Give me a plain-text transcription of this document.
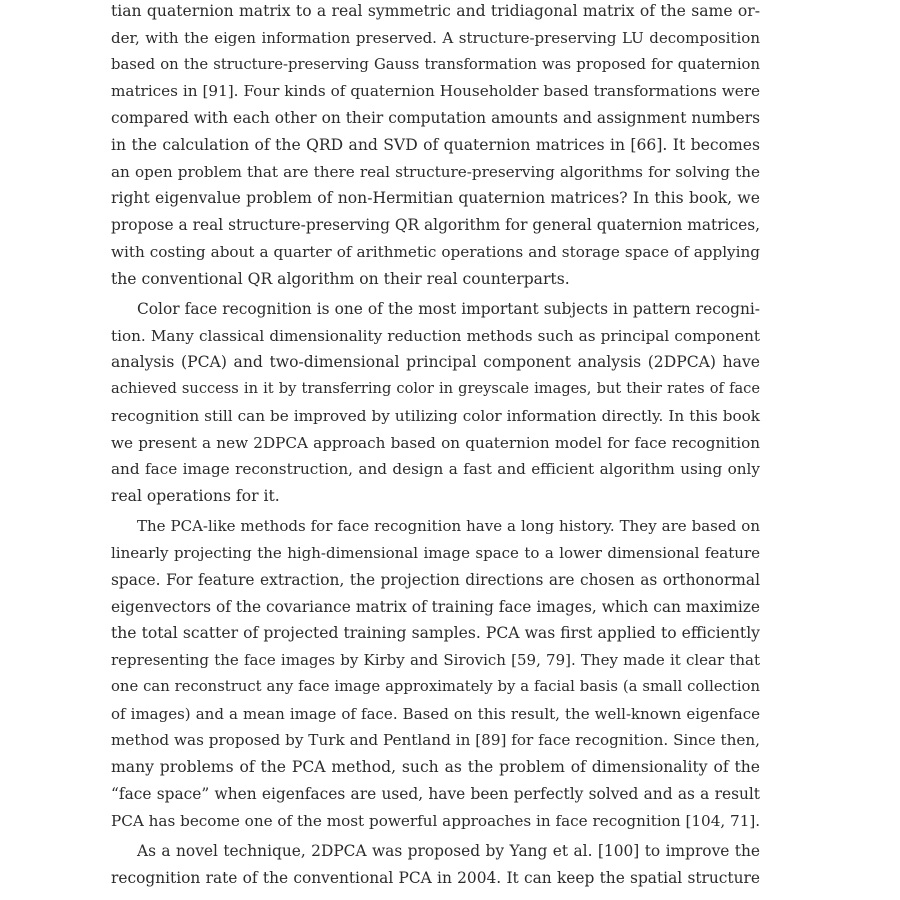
tian quaternion matrix to a real symmetric and tridiagonal matrix of the same or-
der, with the eigen information preserved. A structure-preserving LU decomposition
based on the structure-preserving Gauss transformation was proposed for quaternion
matrices in [91]. Four kinds of quaternion Householder based transformations were
compared with each other on their computation amounts and assignment numbers
in the calculation of the QRD and SVD of quaternion matrices in [66]. It becomes
an open problem that are there real structure-preserving algorithms for solving the
right eigenvalue problem of non-Hermitian quaternion matrices? In this book, we
propose a real structure-preserving QR algorithm for general quaternion matrices,
with costing about a quarter of arithmetic operations and storage space of applying
the conventional QR algorithm on their real counterparts.
Color face recognition is one of the most important subjects in pattern recogni-
tion. Many classical dimensionality reduction methods such as principal component
analysis (PCA) and two-dimensional principal component analysis (2DPCA) have
achieved success in it by transferring color in greyscale images, but their rates of face
recognition still can be improved by utilizing color information directly. In this book
we present a new 2DPCA approach based on quaternion model for face recognition
and face image reconstruction, and design a fast and efficient algorithm using only
real operations for it.
The PCA-like methods for face recognition have a long history. They are based on
linearly projecting the high-dimensional image space to a lower dimensional feature
space. For feature extraction, the projection directions are chosen as orthonormal
eigenvectors of the covariance matrix of training face images, which can maximize
the total scatter of projected training samples. PCA was first applied to efficiently
representing the face images by Kirby and Sirovich [59, 79]. They made it clear that
one can reconstruct any face image approximately by a facial basis (a small collection
of images) and a mean image of face. Based on this result, the well-known eigenface
method was proposed by Turk and Pentland in [89] for face recognition. Since then,
many problems of the PCA method, such as the problem of dimensionality of the
“face space” when eigenfaces are used, have been perfectly solved and as a result
PCA has become one of the most powerful approaches in face recognition [104, 71].
As a novel technique, 2DPCA was proposed by Yang et al. [100] to improve the
recognition rate of the conventional PCA in 2004. It can keep the spatial structure
